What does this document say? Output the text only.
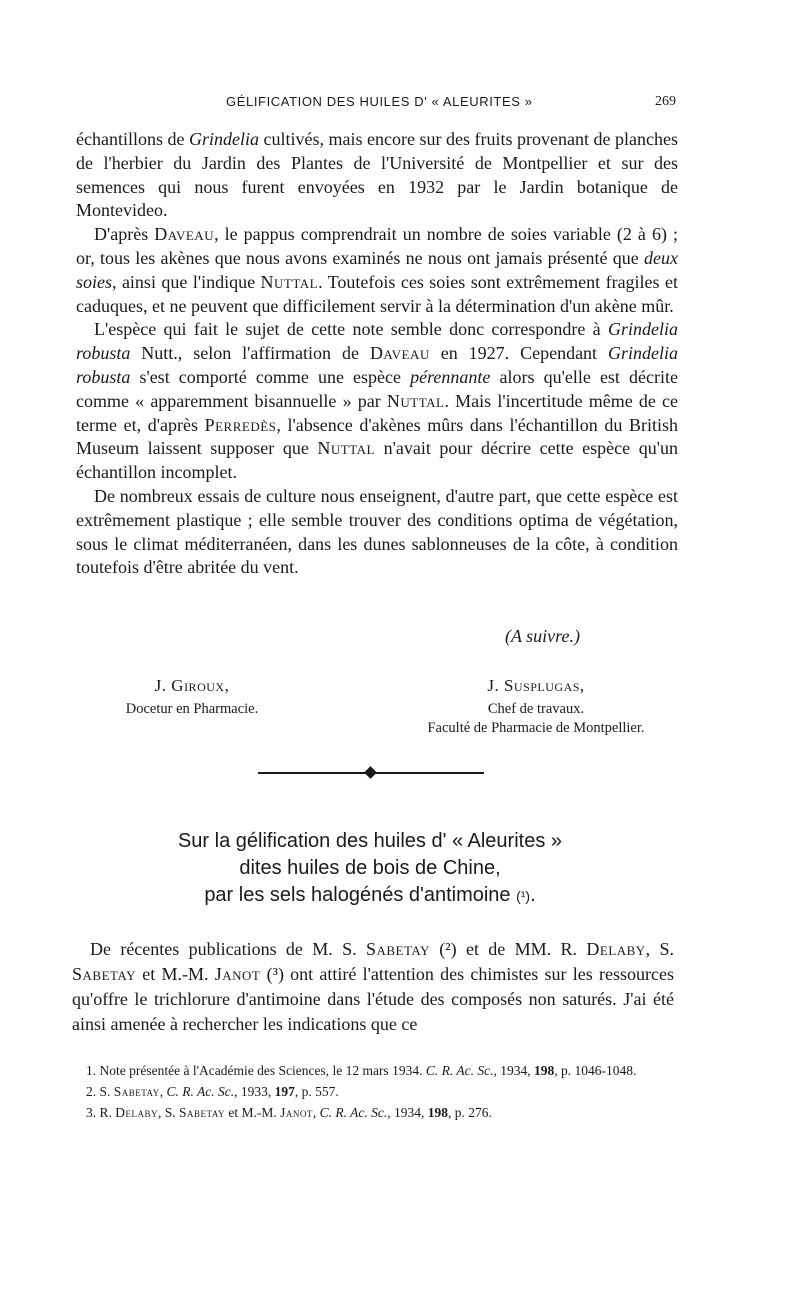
GÉLIFICATION DES HUILES D' « ALEURITES »	269

échantillons de Grindelia cultivés, mais encore sur des fruits provenant de planches de l'herbier du Jardin des Plantes de l'Université de Montpellier et sur des semences qui nous furent envoyées en 1932 par le Jardin botanique de Montevideo.

D'après Daveau, le pappus comprendrait un nombre de soies variable (2 à 6) ; or, tous les akènes que nous avons examinés ne nous ont jamais présenté que deux soies, ainsi que l'indique Nuttal. Toutefois ces soies sont extrêmement fragiles et caduques, et ne peuvent que difficilement servir à la détermination d'un akène mûr.

L'espèce qui fait le sujet de cette note semble donc correspondre à Grindelia robusta Nutt., selon l'affirmation de Daveau en 1927. Cependant Grindelia robusta s'est comporté comme une espèce pérennante alors qu'elle est décrite comme « apparemment bisannuelle » par Nuttal. Mais l'incertitude même de ce terme et, d'après Perredès, l'absence d'akènes mûrs dans l'échantillon du British Museum laissent supposer que Nuttal n'avait pour décrire cette espèce qu'un échantillon incomplet.

De nombreux essais de culture nous enseignent, d'autre part, que cette espèce est extrêmement plastique ; elle semble trouver des conditions optima de végétation, sous le climat méditerranéen, dans les dunes sablonneuses de la côte, à condition toutefois d'être abritée du vent.

(A suivre.)

J. Giroux,

Docetur en Pharmacie.

J. Susplugas,

Chef de travaux.

Faculté de Pharmacie de Montpellier.

Sur la gélification des huiles d' « Aleurites »

dites huiles de bois de Chine,

par les sels halogénés d'antimoine (¹).

De récentes publications de M. S. Sabetay (²) et de MM. R. Delaby, S. Sabetay et M.-M. Janot (³) ont attiré l'attention des chimistes sur les ressources qu'offre le trichlorure d'antimoine dans l'étude des composés non saturés. J'ai été ainsi amenée à rechercher les indications que ce

1. Note présentée à l'Académie des Sciences, le 12 mars 1934. C. R. Ac. Sc., 1934, 198, p. 1046-1048.

2. S. Sabetay, C. R. Ac. Sc., 1933, 197, p. 557.

3. R. Delaby, S. Sabetay et M.-M. Janot, C. R. Ac. Sc., 1934, 198, p. 276.
